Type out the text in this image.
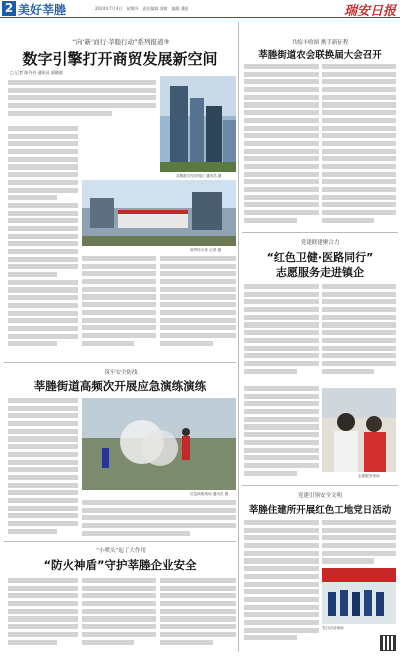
2 美好莘塍	2024年7月4日　星期四　责任编辑 邵敏　编辑 潘虹	瑞安日报
“向‘新’而行·莘塍行动”系列报道③
数字引擎打开商贸发展新空间
□ 记者 陈丹丹 通讯员 邵晓波
莘塍数字经济园区 通讯员 摄
商贸综合体 记者 摄
筑牢安全防线
莘塍街道高频次开展应急演练演练
应急演练现场 通讯员 摄
“小喷头”起了大作用
“防火神盾”守护莘塍企业安全
共绘丰收图 携手新征程
莘塍街道农会联换届大会召开
党建联建聚合力
“红色卫健·医路同行”
志愿服务走进镇企
志愿服务现场
党建引领安全文明
莘塍住建所开展红色工地党日活动
党日活动现场
